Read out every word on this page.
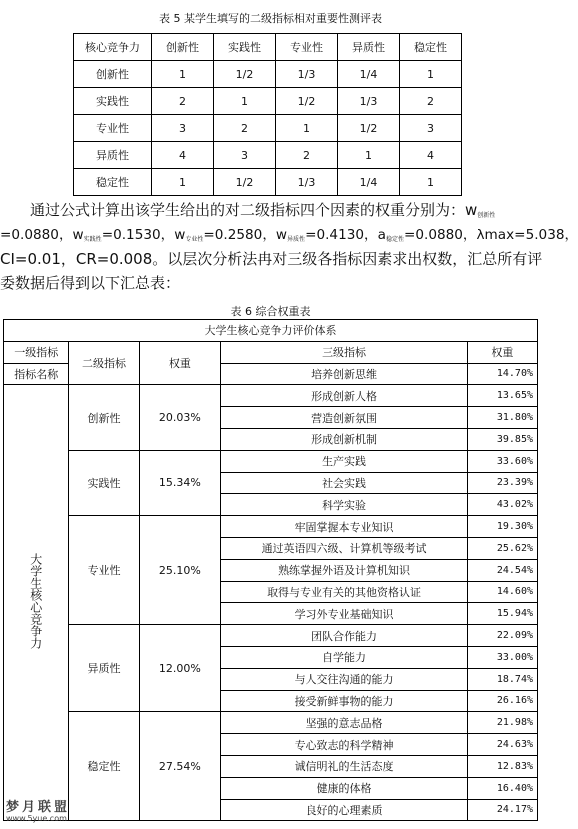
表 5 某学生填写的二级指标相对重要性测评表
核心竞争力	创新性	实践性	专业性	异质性	稳定性
创新性	1	1/2	1/3	1/4	1
实践性	2	1	1/2	1/3	2
专业性	3	2	1	1/2	3
异质性	4	3	2	1	4
稳定性	1	1/2	1/3	1/4	1
通过公式计算出该学生给出的对二级指标四个因素的权重分别为：$w_{创新性}$
=0.0880，$w_{实践性}=0.1530$，$w_{专业性}=0.2580$，$w_{异质性}=0.4130$，$a_{稳定性}=0.0880$，λmax=5.038，
CI=0.01，CR=0.008。以层次分析法冉对三级各指标因素求出权数，汇总所有评
委数据后得到以下汇总表：
表 6 综合权重表
大学生核心竞争力评价体系				
一级指标	二级指标	权重	三级指标	权重
指标名称			培养创新思维	14.70%
大学生核心竞争力	创新性	20.03%	形成创新人格	13.65%
			营造创新氛围	31.80%
			形成创新机制	39.85%
	实践性	15.34%	生产实践	33.60%
			社会实践	23.39%
			科学实验	43.02%
	专业性	25.10%	牢固掌握本专业知识	19.30%
			通过英语四六级、计算机等级考试	25.62%
			熟练掌握外语及计算机知识	24.54%
			取得与专业有关的其他资格认证	14.60%
			学习外专业基础知识	15.94%
	异质性	12.00%	团队合作能力	22.09%
			自学能力	33.00%
			与人交往沟通的能力	18.74%
			接受新鲜事物的能力	26.16%
	稳定性	27.54%	坚强的意志品格	21.98%
			专心致志的科学精神	24.63%
			诚信明礼的生活态度	12.83%
			健康的体格	16.40%
			良好的心理素质	24.17%
梦月联盟
www.5yue.com
